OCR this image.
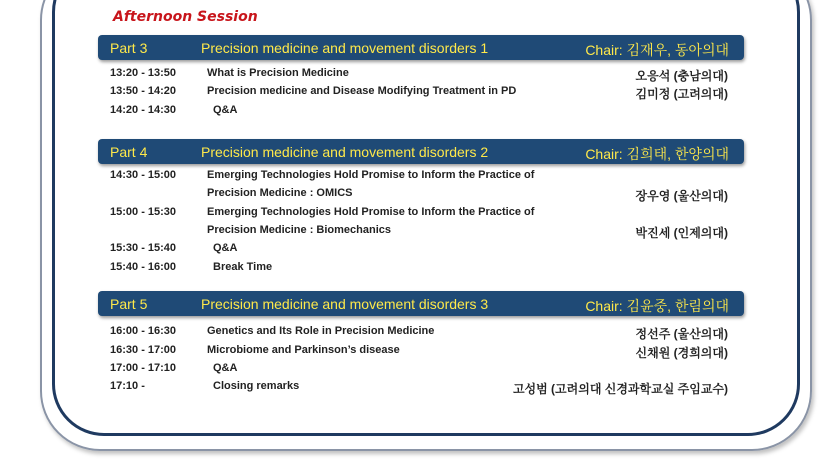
Afternoon Session
Part 3	Precision medicine and movement disorders 1	Chair: 김재우, 동아의대
13:20 - 13:50	What is Precision Medicine	오응석 (충남의대)
13:50 - 14:20	Precision medicine and Disease Modifying Treatment in PD	김미정 (고려의대)
14:20 - 14:30	Q&A
Part 4	Precision medicine and movement disorders 2	Chair: 김희태, 한양의대
14:30 - 15:00	Emerging Technologies Hold Promise to Inform the Practice of
Precision Medicine : OMICS	장우영 (울산의대)
15:00 - 15:30	Emerging Technologies Hold Promise to Inform the Practice of
Precision Medicine : Biomechanics	박진세 (인제의대)
15:30 - 15:40	Q&A
15:40 - 16:00	Break Time
Part 5	Precision medicine and movement disorders 3	Chair: 김윤중, 한림의대
16:00 - 16:30	Genetics and Its Role in Precision Medicine	정선주 (울산의대)
16:30 - 17:00	Microbiome and Parkinson’s disease	신채원 (경희의대)
17:00 - 17:10	Q&A
17:10 -	Closing remarks	고성범 (고려의대 신경과학교실 주임교수)
